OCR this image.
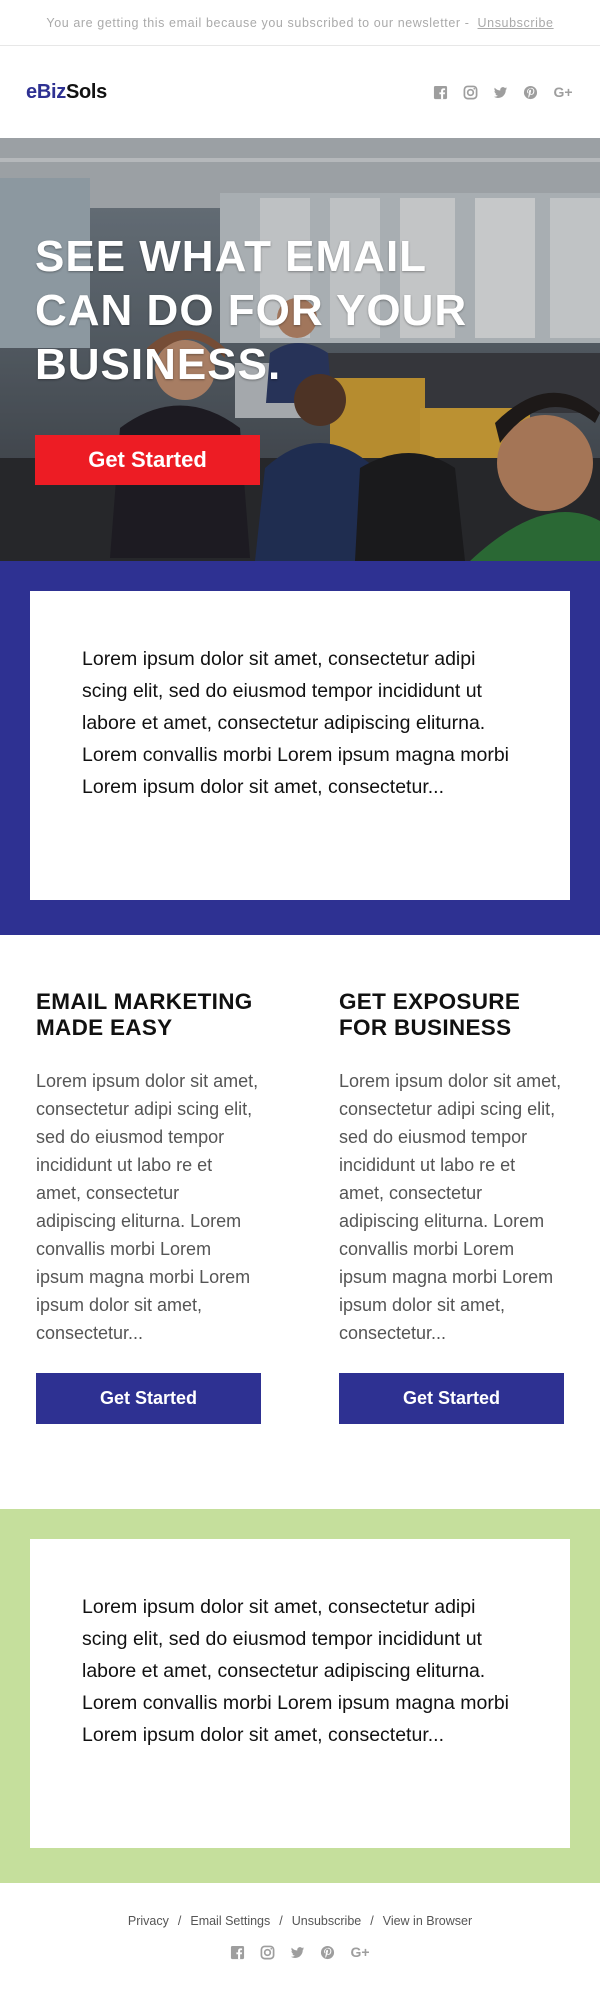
You are getting this email because you subscribed to our newsletter - Unsubscribe
eBizSols	G+
SEE WHAT EMAIL CAN DO FOR YOUR BUSINESS.
Get Started

Lorem ipsum dolor sit amet, consectetur adipi scing elit, sed do eiusmod tempor incididunt ut labore et amet, consectetur adipiscing eliturna. Lorem convallis morbi Lorem ipsum magna morbi Lorem ipsum dolor sit amet, consectetur...

EMAIL MARKETING MADE EASY

Lorem ipsum dolor sit amet, consectetur adipi scing elit, sed do eiusmod tempor incididunt ut labo re et amet, consectetur adipiscing eliturna. Lorem convallis morbi Lorem ipsum magna morbi Lorem ipsum dolor sit amet, consectetur...

Get Started
GET EXPOSURE FOR BUSINESS

Lorem ipsum dolor sit amet, consectetur adipi scing elit, sed do eiusmod tempor incididunt ut labo re et amet, consectetur adipiscing eliturna. Lorem convallis morbi Lorem ipsum magna morbi Lorem ipsum dolor sit amet, consectetur...

Get Started

Lorem ipsum dolor sit amet, consectetur adipi scing elit, sed do eiusmod tempor incididunt ut labore et amet, consectetur adipiscing eliturna. Lorem convallis morbi Lorem ipsum magna morbi Lorem ipsum dolor sit amet, consectetur...

Privacy / Email Settings / Unsubscribe / View in Browser
G+
